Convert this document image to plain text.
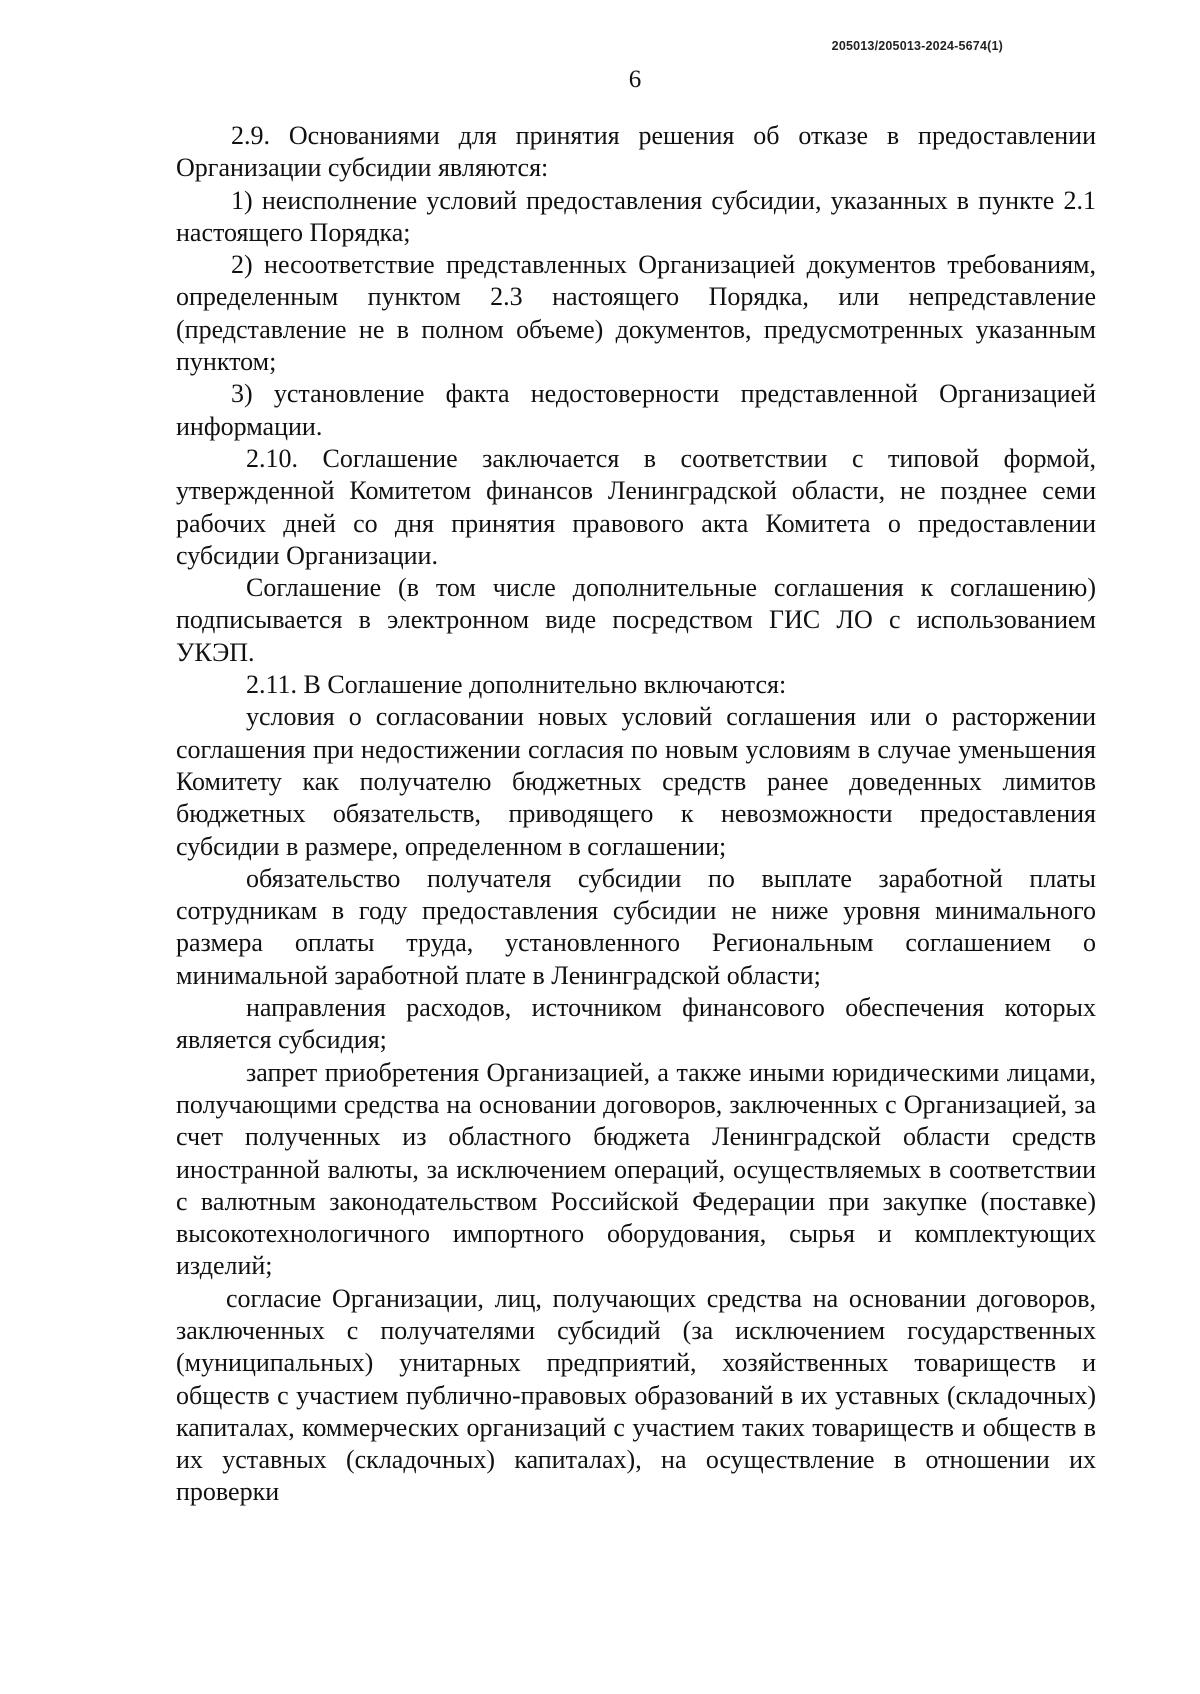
205013/205013-2024-5674(1)
6

2.9. Основаниями для принятия решения об отказе в предоставлении Организации субсидии являются:

1) неисполнение условий предоставления субсидии, указанных в пункте 2.1 настоящего Порядка;

2) несоответствие представленных Организацией документов требованиям, определенным пунктом 2.3 настоящего Порядка, или непредставление (представление не в полном объеме) документов, предусмотренных указанным пунктом;

3) установление факта недостоверности представленной Организацией информации.

2.10. Соглашение заключается в соответствии с типовой формой, утвержденной Комитетом финансов Ленинградской области, не позднее семи рабочих дней со дня принятия правового акта Комитета о предоставлении субсидии Организации.

Соглашение (в том числе дополнительные соглашения к соглашению) подписывается в электронном виде посредством ГИС ЛО с использованием УКЭП.

2.11. В Соглашение дополнительно включаются:

условия о согласовании новых условий соглашения или о расторжении соглашения при недостижении согласия по новым условиям в случае уменьшения Комитету как получателю бюджетных средств ранее доведенных лимитов бюджетных обязательств, приводящего к невозможности предоставления субсидии в размере, определенном в соглашении;

обязательство получателя субсидии по выплате заработной платы сотрудникам в году предоставления субсидии не ниже уровня минимального размера оплаты труда, установленного Региональным соглашением о минимальной заработной плате в Ленинградской области;

направления расходов, источником финансового обеспечения которых является субсидия;

запрет приобретения Организацией, а также иными юридическими лицами, получающими средства на основании договоров, заключенных с Организацией, за счет полученных из областного бюджета Ленинградской области средств иностранной валюты, за исключением операций, осуществляемых в соответствии с валютным законодательством Российской Федерации при закупке (поставке) высокотехнологичного импортного оборудования, сырья и комплектующих изделий;

согласие Организации, лиц, получающих средства на основании договоров, заключенных с получателями субсидий (за исключением государственных (муниципальных) унитарных предприятий, хозяйственных товариществ и обществ с участием публично-правовых образований в их уставных (складочных) капиталах, коммерческих организаций с участием таких товариществ и обществ в их уставных (складочных) капиталах), на осуществление в отношении их проверки
